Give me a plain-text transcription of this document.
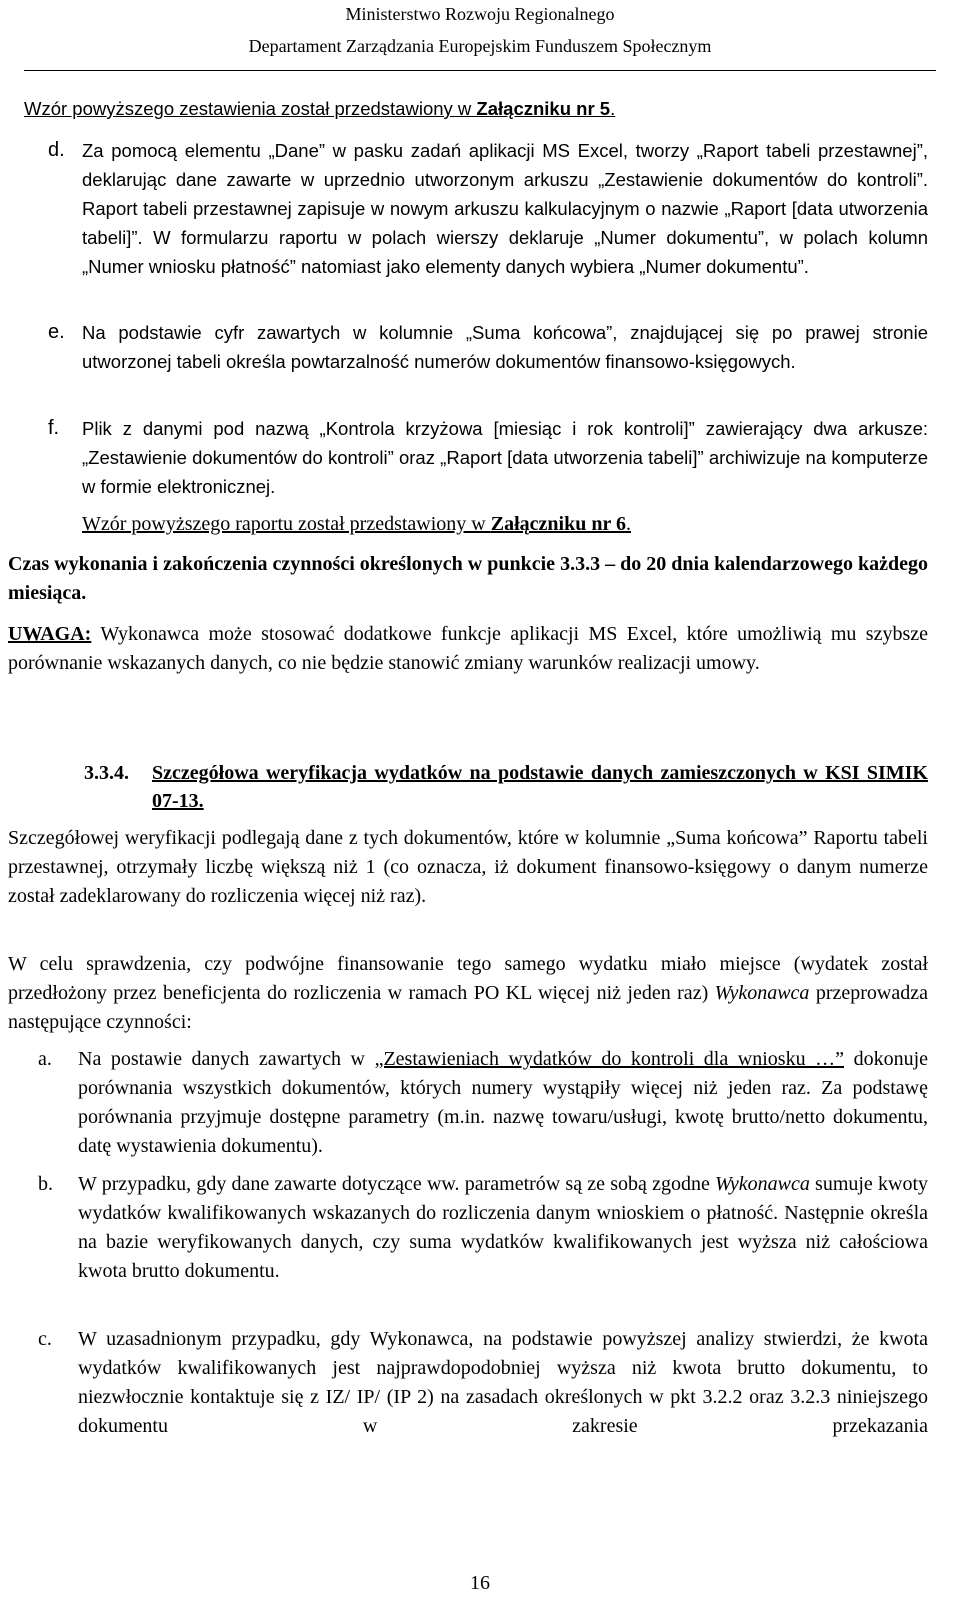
Ministerstwo Rozwoju Regionalnego
Departament Zarządzania Europejskim Funduszem Społecznym
Wzór powyższego zestawienia został przedstawiony w Załączniku nr 5.
d. Za pomocą elementu „Dane” w pasku zadań aplikacji MS Excel, tworzy „Raport tabeli przestawnej”, deklarując dane zawarte w uprzednio utworzonym arkuszu „Zestawienie dokumentów do kontroli”. Raport tabeli przestawnej zapisuje w nowym arkuszu kalkulacyjnym o nazwie „Raport [data utworzenia tabeli]”. W formularzu raportu w polach wierszy deklaruje „Numer dokumentu”, w polach kolumn „Numer wniosku płatność” natomiast jako elementy danych wybiera „Numer dokumentu”.
e. Na podstawie cyfr zawartych w kolumnie „Suma końcowa”, znajdującej się po prawej stronie utworzonej tabeli określa powtarzalność numerów dokumentów finansowo-księgowych.
f. Plik z danymi pod nazwą „Kontrola krzyżowa [miesiąc i rok kontroli]” zawierający dwa arkusze: „Zestawienie dokumentów do kontroli” oraz „Raport [data utworzenia tabeli]” archiwizuje na komputerze w formie elektronicznej.
Wzór powyższego raportu został przedstawiony w Załączniku nr 6.
Czas wykonania i zakończenia czynności określonych w punkcie 3.3.3 – do 20 dnia kalendarzowego każdego miesiąca.
UWAGA: Wykonawca może stosować dodatkowe funkcje aplikacji MS Excel, które umożliwią mu szybsze porównanie wskazanych danych, co nie będzie stanowić zmiany warunków realizacji umowy.
3.3.4. Szczegółowa weryfikacja wydatków na podstawie danych zamieszczonych w KSI SIMIK 07-13.
Szczegółowej weryfikacji podlegają dane z tych dokumentów, które w kolumnie „Suma końcowa” Raportu tabeli przestawnej, otrzymały liczbę większą niż 1 (co oznacza, iż dokument finansowo-księgowy o danym numerze został zadeklarowany do rozliczenia więcej niż raz).
W celu sprawdzenia, czy podwójne finansowanie tego samego wydatku miało miejsce (wydatek został przedłożony przez beneficjenta do rozliczenia w ramach PO KL więcej niż jeden raz) Wykonawca przeprowadza następujące czynności:
a. Na postawie danych zawartych w „Zestawieniach wydatków do kontroli dla wniosku …” dokonuje porównania wszystkich dokumentów, których numery wystąpiły więcej niż jeden raz. Za podstawę porównania przyjmuje dostępne parametry (m.in. nazwę towaru/usługi, kwotę brutto/netto dokumentu, datę wystawienia dokumentu).
b. W przypadku, gdy dane zawarte dotyczące ww. parametrów są ze sobą zgodne Wykonawca sumuje kwoty wydatków kwalifikowanych wskazanych do rozliczenia danym wnioskiem o płatność. Następnie określa na bazie weryfikowanych danych, czy suma wydatków kwalifikowanych jest wyższa niż całościowa kwota brutto dokumentu.
c. W uzasadnionym przypadku, gdy Wykonawca, na podstawie powyższej analizy stwierdzi, że kwota wydatków kwalifikowanych jest najprawdopodobniej wyższa niż kwota brutto dokumentu, to niezwłocznie kontaktuje się z IZ/ IP/ (IP 2) na zasadach określonych w pkt 3.2.2 oraz 3.2.3 niniejszego dokumentu w zakresie przekazania
16
